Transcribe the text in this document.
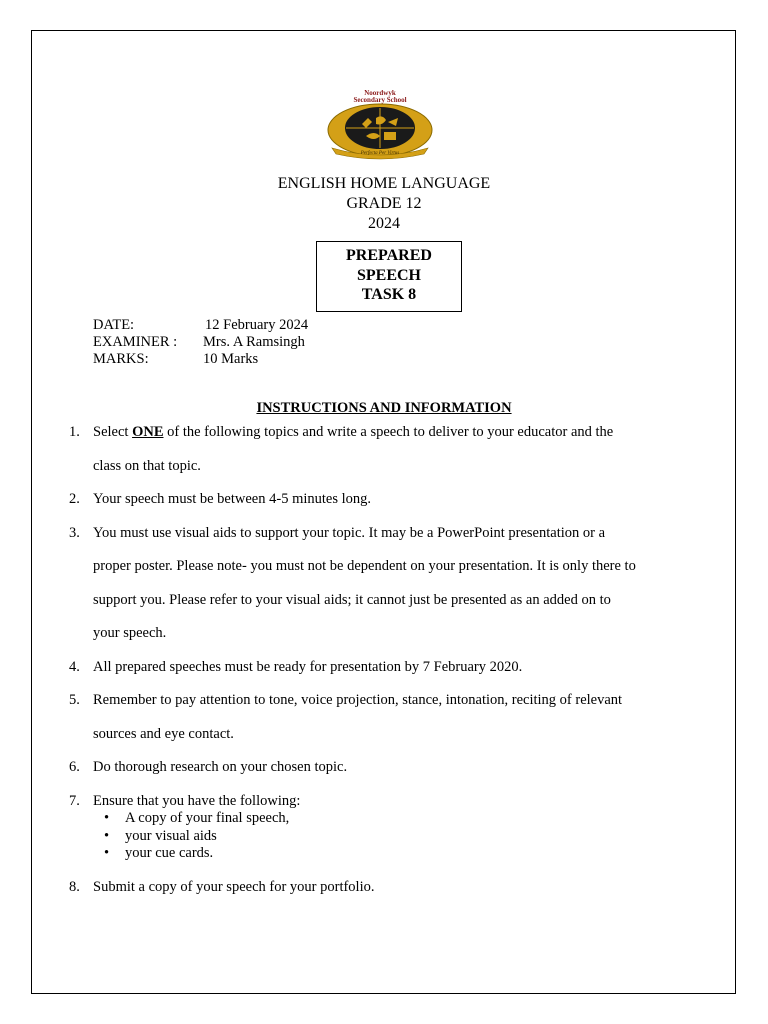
Noordwyk
Secondary School
Perfecta Per Virtus
ENGLISH HOME LANGUAGE
GRADE 12
2024
PREPARED
SPEECH
TASK 8
DATE:	12 February 2024
EXAMINER :	Mrs. A Ramsingh
MARKS:	10 Marks
INSTRUCTIONS AND INFORMATION
1. Select ONE of the following topics and write a speech to deliver to your educator and the
class on that topic.
2. Your speech must be between 4-5 minutes long.
3. You must use visual aids to support your topic. It may be a PowerPoint presentation or a
proper poster. Please note- you must not be dependent on your presentation. It is only there to
support you. Please refer to your visual aids; it cannot just be presented as an added on to
your speech.
4. All prepared speeches must be ready for presentation by 7 February 2020.
5. Remember to pay attention to tone, voice projection, stance, intonation, reciting of relevant
sources and eye contact.
6. Do thorough research on your chosen topic.
7. Ensure that you have the following:
• A copy of your final speech,
• your visual aids
• your cue cards.
8. Submit a copy of your speech for your portfolio.
